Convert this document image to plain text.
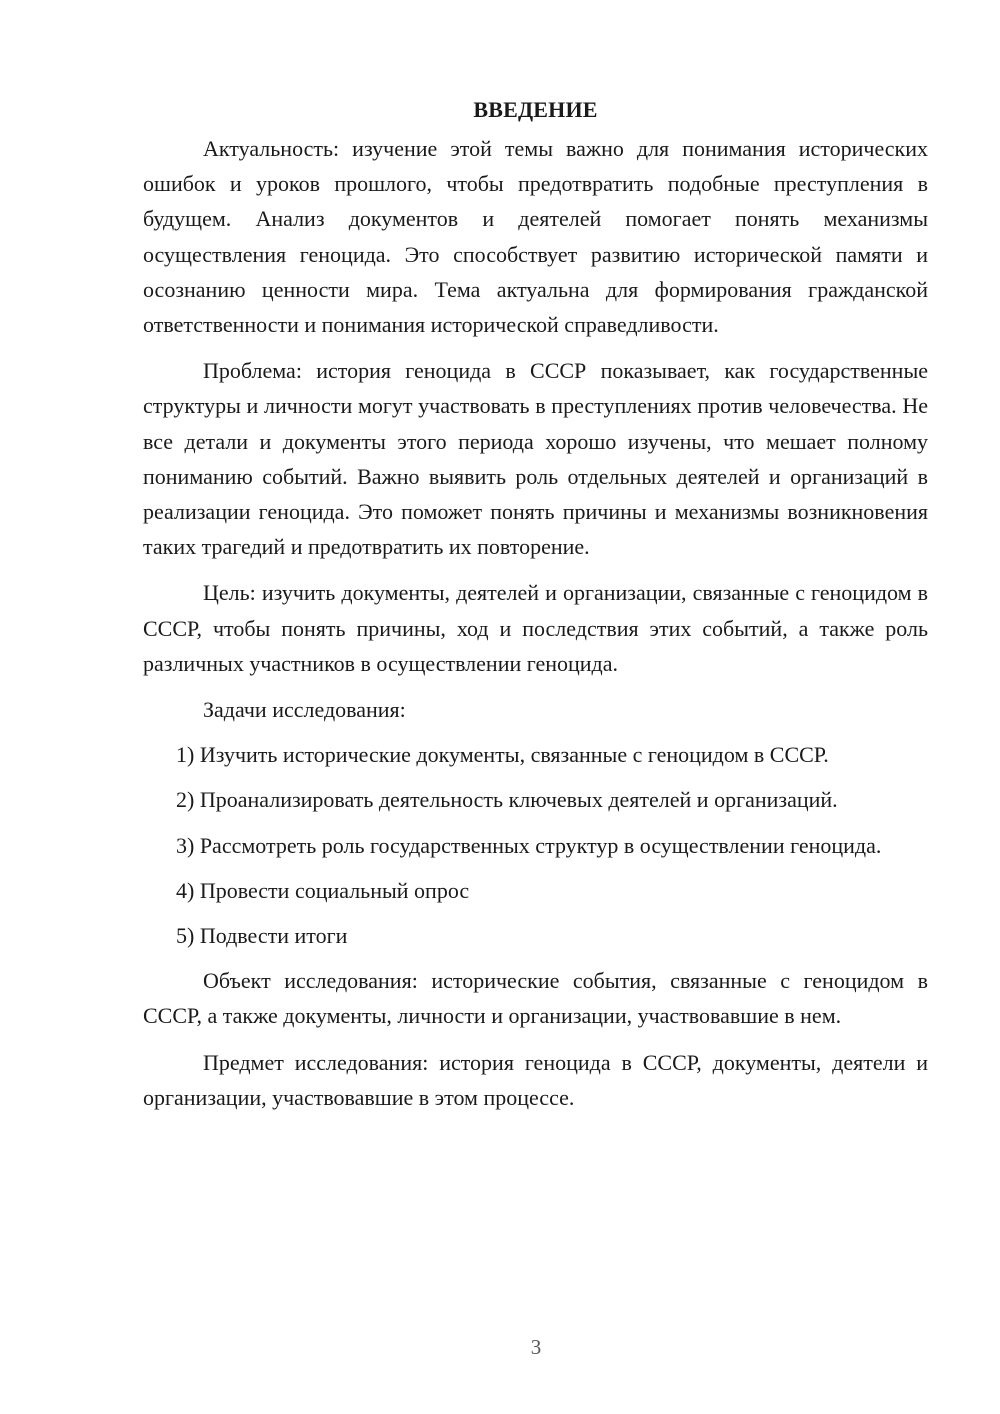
ВВЕДЕНИЕ

Актуальность: изучение этой темы важно для понимания исторических ошибок и уроков прошлого, чтобы предотвратить подобные преступления в будущем. Анализ документов и деятелей помогает понять механизмы осуществления геноцида. Это способствует развитию исторической памяти и осознанию ценности мира. Тема актуальна для формирования гражданской ответственности и понимания исторической справедливости.

Проблема: история геноцида в СССР показывает, как государственные структуры и личности могут участвовать в преступлениях против человечества. Не все детали и документы этого периода хорошо изучены, что мешает полному пониманию событий. Важно выявить роль отдельных деятелей и организаций в реализации геноцида. Это поможет понять причины и механизмы возникновения таких трагедий и предотвратить их повторение.

Цель: изучить документы, деятелей и организации, связанные с геноцидом в СССР, чтобы понять причины, ход и последствия этих событий, а также роль различных участников в осуществлении геноцида.

Задачи исследования:

1) Изучить исторические документы, связанные с геноцидом в СССР.

2) Проанализировать деятельность ключевых деятелей и организаций.

3) Рассмотреть роль государственных структур в осуществлении геноцида.

4) Провести социальный опрос

5) Подвести итоги

Объект исследования: исторические события, связанные с геноцидом в СССР, а также документы, личности и организации, участвовавшие в нем.

Предмет исследования: история геноцида в СССР, документы, деятели и организации, участвовавшие в этом процессе.

3
